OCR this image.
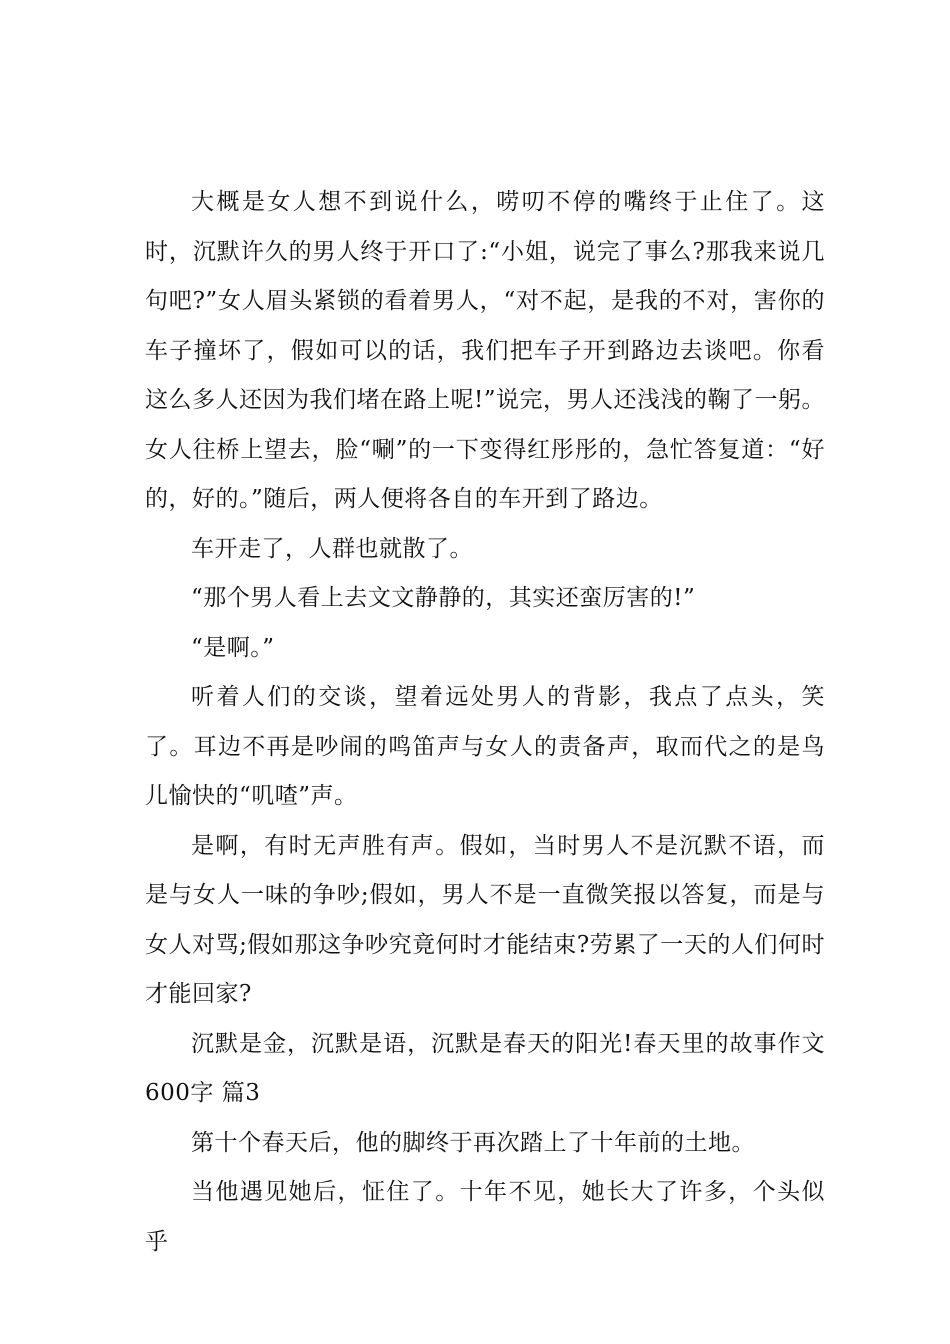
大概是女人想不到说什么，唠叨不停的嘴终于止住了。这时，沉默许久的男人终于开口了:“小姐，说完了事么?那我来说几句吧?”女人眉头紧锁的看着男人，“对不起，是我的不对，害你的车子撞坏了，假如可以的话，我们把车子开到路边去谈吧。你看这么多人还因为我们堵在路上呢!”说完，男人还浅浅的鞠了一躬。女人往桥上望去，脸“唰”的一下变得红彤彤的，急忙答复道：“好的，好的。”随后，两人便将各自的车开到了路边。

车开走了，人群也就散了。

“那个男人看上去文文静静的，其实还蛮厉害的!”

“是啊。”

听着人们的交谈，望着远处男人的背影，我点了点头，笑了。耳边不再是吵闹的鸣笛声与女人的责备声，取而代之的是鸟儿愉快的“叽喳”声。

是啊，有时无声胜有声。假如，当时男人不是沉默不语，而是与女人一味的争吵;假如，男人不是一直微笑报以答复，而是与女人对骂;假如那这争吵究竟何时才能结束?劳累了一天的人们何时才能回家?

沉默是金，沉默是语，沉默是春天的阳光!春天里的故事作文600字 篇3

第十个春天后，他的脚终于再次踏上了十年前的土地。

当他遇见她后，怔住了。十年不见，她长大了许多，个头似乎
